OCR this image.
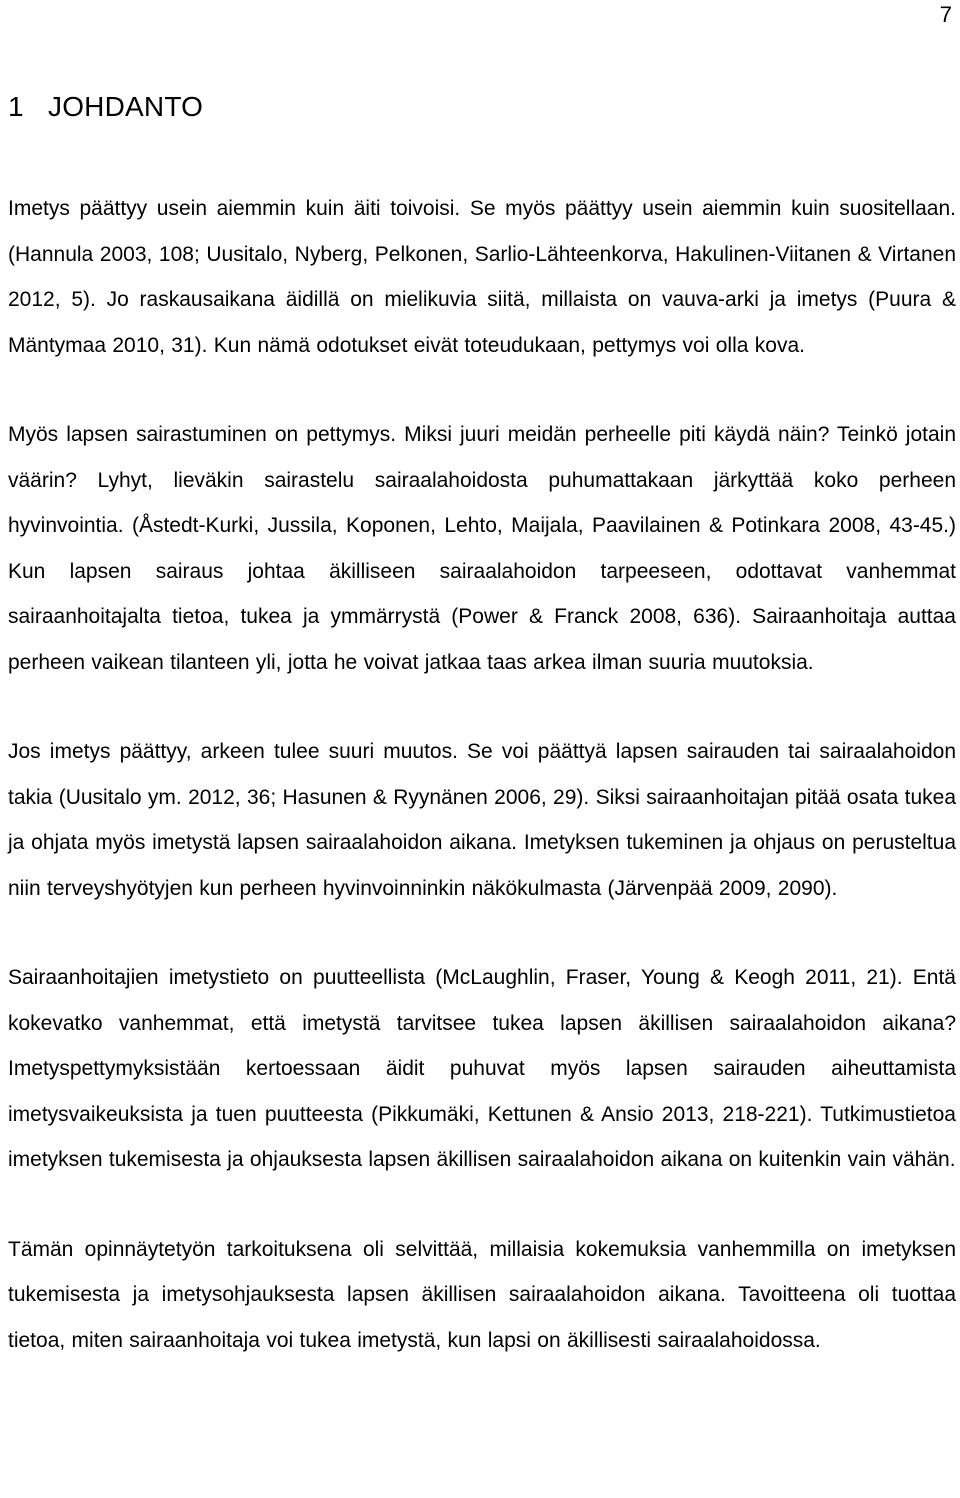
7
1 JOHDANTO

Imetys päättyy usein aiemmin kuin äiti toivoisi. Se myös päättyy usein aiemmin kuin suositellaan. (Hannula 2003, 108; Uusitalo, Nyberg, Pelkonen, Sarlio-Lähteenkorva, Hakulinen-Viitanen & Virtanen 2012, 5). Jo raskausaikana äidillä on mielikuvia siitä, millaista on vauva-arki ja imetys (Puura & Mäntymaa 2010, 31). Kun nämä odotukset eivät toteudukaan, pettymys voi olla kova.

Myös lapsen sairastuminen on pettymys. Miksi juuri meidän perheelle piti käydä näin? Teinkö jotain väärin? Lyhyt, lieväkin sairastelu sairaalahoidosta puhumattakaan järkyttää koko perheen hyvinvointia. (Åstedt-Kurki, Jussila, Koponen, Lehto, Maijala, Paavilainen & Potinkara 2008, 43-45.) Kun lapsen sairaus johtaa äkilliseen sairaalahoidon tarpeeseen, odottavat vanhemmat sairaanhoitajalta tietoa, tukea ja ymmärrystä (Power & Franck 2008, 636). Sairaanhoitaja auttaa perheen vaikean tilanteen yli, jotta he voivat jatkaa taas arkea ilman suuria muutoksia.

Jos imetys päättyy, arkeen tulee suuri muutos. Se voi päättyä lapsen sairauden tai sairaalahoidon takia (Uusitalo ym. 2012, 36; Hasunen & Ryynänen 2006, 29). Siksi sairaanhoitajan pitää osata tukea ja ohjata myös imetystä lapsen sairaalahoidon aikana. Imetyksen tukeminen ja ohjaus on perusteltua niin terveyshyötyjen kun perheen hyvinvoinninkin näkökulmasta (Järvenpää 2009, 2090).

Sairaanhoitajien imetystieto on puutteellista (McLaughlin, Fraser, Young & Keogh 2011, 21). Entä kokevatko vanhemmat, että imetystä tarvitsee tukea lapsen äkillisen sairaalahoidon aikana? Imetyspettymyksistään kertoessaan äidit puhuvat myös lapsen sairauden aiheuttamista imetysvaikeuksista ja tuen puutteesta (Pikkumäki, Kettunen & Ansio 2013, 218-221). Tutkimustietoa imetyksen tukemisesta ja ohjauksesta lapsen äkillisen sairaalahoidon aikana on kuitenkin vain vähän.

Tämän opinnäytetyön tarkoituksena oli selvittää, millaisia kokemuksia vanhemmilla on imetyksen tukemisesta ja imetysohjauksesta lapsen äkillisen sairaalahoidon aikana. Tavoitteena oli tuottaa tietoa, miten sairaanhoitaja voi tukea imetystä, kun lapsi on äkillisesti sairaalahoidossa.
